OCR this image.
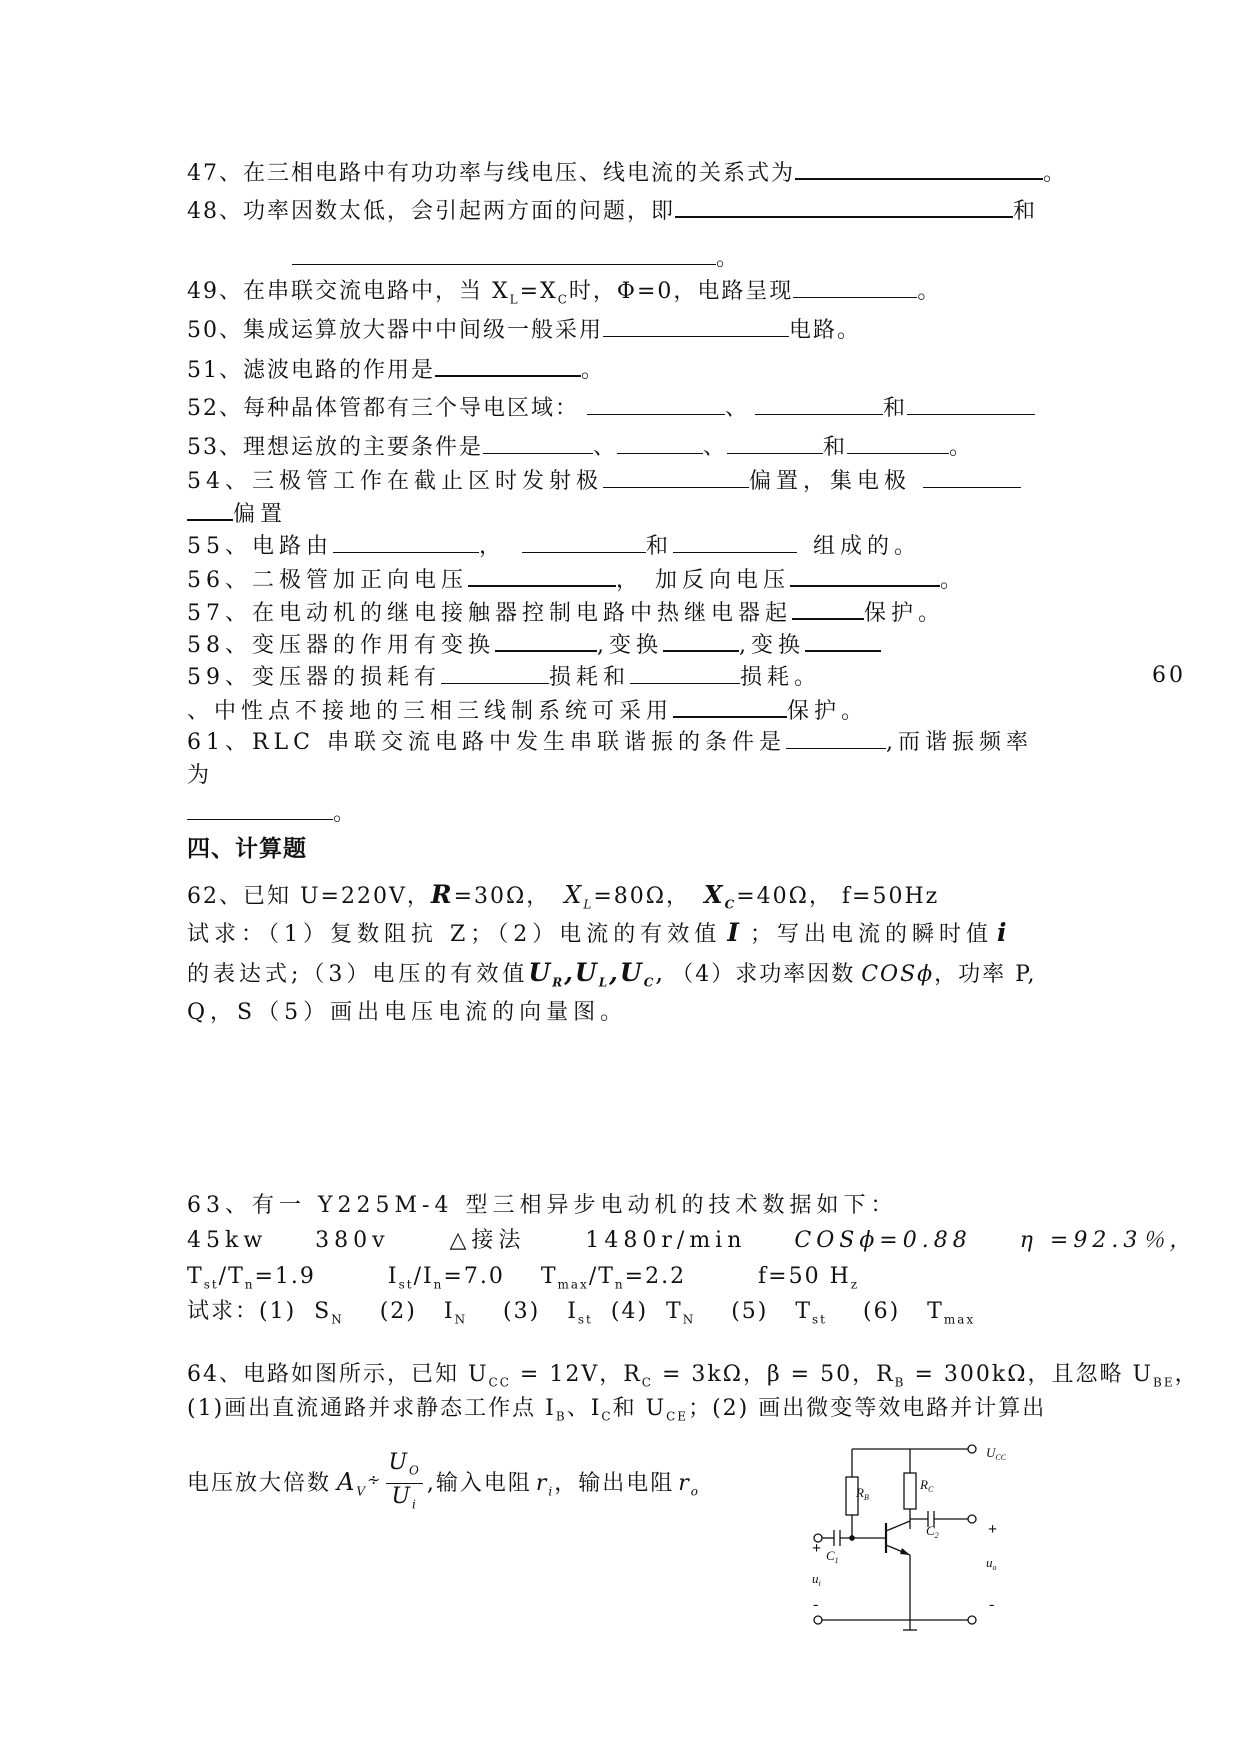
47、在三相电路中有功功率与线电压、线电流的关系式为	。
48、功率因数太低，会引起两方面的问题，即	和
。
49、在串联交流电路中，当 $X_L=X_C$时，Φ=0，电路呈现	。
50、集成运算放大器中中间级一般采用	电路。
51、滤波电路的作用是	。
52、每种晶体管都有三个导电区域：	、	和
53、理想运放的主要条件是	、	、	和	。
54、三极管工作在截止区时发射极	偏置，集电极
偏置
55、电路由	，	和	组成的。
56、二极管加正向电压	， 加反向电压	。
57、在电动机的继电接触器控制电路中热继电器起	保护。
58、变压器的作用有变换	,变换	,变换
59、变压器的损耗有	损耗和	损耗。	60
、中性点不接地的三相三线制系统可采用	保护。
61、RLC 串联交流电路中发生串联谐振的条件是	,而谐振频率
为
。
四、计算题
62、已知 U=220V，R=30Ω， $X_L=80\Omega$， $X_C=40\Omega$， f=50Hz
试求：（1）复数阻抗 Z；（2）电流的有效值 I ；写出电流的瞬时值 i
的表达式;（3）电压的有效值$U_R,U_L,U_C$, （4）求功率因数 COSϕ，功率 P,
Q，S（5）画出电压电流的向量图。
63、有一 Y225M-4 型三相异步电动机的技术数据如下：
45kw    380v     △接法     1480r/min COSϕ=0.88 η =92.3％，
$T_{st}/T_n=1.9$	$I_{st}/I_n=7.0$ $T_{max}/T_n=2.2$	f=50 $H_z$
试求：(1)  $S_N$ (2)   $I_N$ (3)   $I_{st}$ (4)  $T_N$ (5)   $T_{st}$ (6)   $T_{max}$
64、电路如图所示，已知 $U_{CC} = 12V$，$R_C = 3k\Omega$，β = 50，$R_B = 300k\Omega$，且忽略 $U_{BE}$，
(1)画出直流通路并求静态工作点 $I_B$、$I_C$和 $U_{CE}$；(2) 画出微变等效电路并计算出
电压放大倍数 $A_V^∻ \frac{U_O}{U_i}$ ,输入电阻 $r_i$，输出电阻 $r_o$	$R_B$
$R_C$
$U_{CC}$
$C_2$
$C_1$
$u_i$
$u_o$
+
+
-	-
